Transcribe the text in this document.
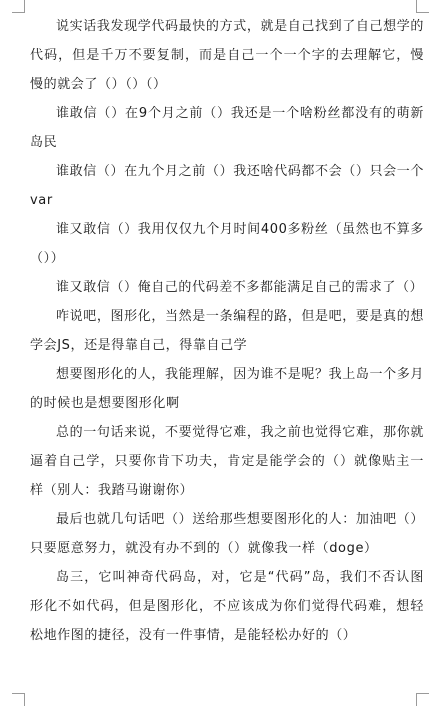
说实话我发现学代码最快的方式，就是自己找到了自己想学的代码，但是千万不要复制，而是自己一个一个字的去理解它，慢慢的就会了（）（）（）

谁敢信（）在9个月之前（）我还是一个啥粉丝都没有的萌新岛民

谁敢信（）在九个月之前（）我还啥代码都不会（）只会一个var

谁又敢信（）我用仅仅九个月时间400多粉丝（虽然也不算多（））

谁又敢信（）俺自己的代码差不多都能满足自己的需求了（）

咋说吧，图形化，当然是一条编程的路，但是吧，要是真的想学会JS，还是得靠自己，得靠自己学

想要图形化的人，我能理解，因为谁不是呢？我上岛一个多月的时候也是想要图形化啊

总的一句话来说，不要觉得它难，我之前也觉得它难，那你就逼着自己学，只要你肯下功夫，肯定是能学会的（）就像贴主一样（别人：我踏马谢谢你）

最后也就几句话吧（）送给那些想要图形化的人：加油吧（）只要愿意努力，就没有办不到的（）就像我一样（doge）

岛三，它叫神奇代码岛，对，它是“代码”岛，我们不否认图形化不如代码，但是图形化，不应该成为你们觉得代码难，想轻松地作图的捷径，没有一件事情，是能轻松办好的（）
